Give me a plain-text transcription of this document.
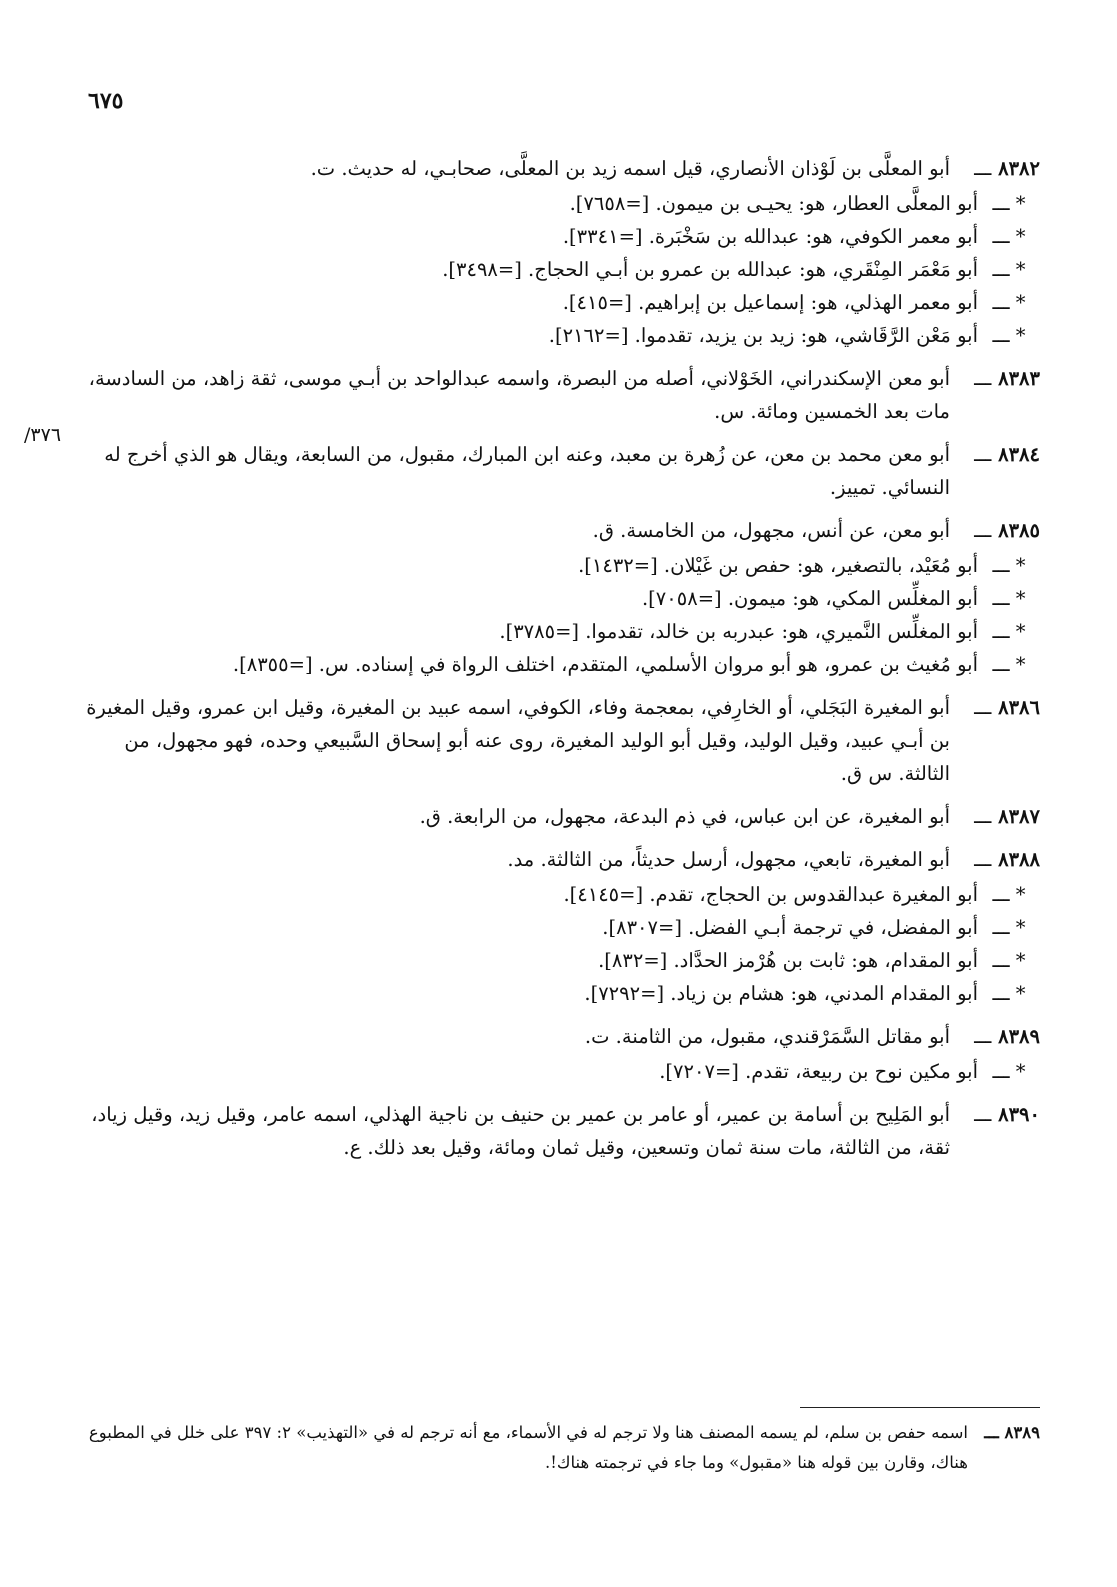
٦٧٥
٣٧٦/
٨٣٨٢ ـــ
أبو المعلَّى بن لَوْذان الأنصاري، قيل اسمه زيد بن المعلَّى، صحابـي، له حديث. ت.
* ـــ
أبو المعلَّى العطار، هو: يحيـى بن ميمون. [=٧٦٥٨].
* ـــ
أبو معمر الكوفي، هو: عبدالله بن سَخْبَرة. [=٣٣٤١].
* ـــ
أبو مَعْمَر المِنْقَري، هو: عبدالله بن عمرو بن أبـي الحجاج. [=٣٤٩٨].
* ـــ
أبو معمر الهذلي، هو: إسماعيل بن إبراهيم. [=٤١٥].
* ـــ
أبو مَعْن الرَّقَاشي، هو: زيد بن يزيد، تقدموا. [=٢١٦٢].
٨٣٨٣ ـــ
أبو معن الإسكندراني، الخَوْلاني، أصله من البصرة، واسمه عبدالواحد بن أبـي موسى، ثقة زاهد، من السادسة، مات بعد الخمسين ومائة. س.
٨٣٨٤ ـــ
أبو معن محمد بن معن، عن زُهرة بن معبد، وعنه ابن المبارك، مقبول، من السابعة، ويقال هو الذي أخرج له النسائي. تمييز.
٨٣٨٥ ـــ
أبو معن، عن أنس، مجهول، من الخامسة. ق.
* ـــ
أبو مُعَيْد، بالتصغير، هو: حفص بن غَيْلان. [=١٤٣٢].
* ـــ
أبو المغلِّس المكي، هو: ميمون. [=٧٠٥٨].
* ـــ
أبو المغلِّس النَّميري، هو: عبدربه بن خالد، تقدموا. [=٣٧٨٥].
* ـــ
أبو مُغيث بن عمرو، هو أبو مروان الأسلمي، المتقدم، اختلف الرواة في إسناده. س. [=٨٣٥٥].
٨٣٨٦ ـــ
أبو المغيرة البَجَلي، أو الخارِفي، بمعجمة وفاء، الكوفي، اسمه عبيد بن المغيرة، وقيل ابن عمرو، وقيل المغيرة بن أبـي عبيد، وقيل الوليد، وقيل أبو الوليد المغيرة، روى عنه أبو إسحاق السَّبيعي وحده، فهو مجهول، من الثالثة. س ق.
٨٣٨٧ ـــ
أبو المغيرة، عن ابن عباس، في ذم البدعة، مجهول، من الرابعة. ق.
٨٣٨٨ ـــ
أبو المغيرة، تابعي، مجهول، أرسل حديثاً، من الثالثة. مد.
* ـــ
أبو المغيرة عبدالقدوس بن الحجاج، تقدم. [=٤١٤٥].
* ـــ
أبو المفضل، في ترجمة أبـي الفضل. [=٨٣٠٧].
* ـــ
أبو المقدام، هو: ثابت بن هُرْمز الحدَّاد. [=٨٣٢].
* ـــ
أبو المقدام المدني، هو: هشام بن زياد. [=٧٢٩٢].
٨٣٨٩ ـــ
أبو مقاتل السَّمَرْقندي، مقبول، من الثامنة. ت.
* ـــ
أبو مكين نوح بن ربيعة، تقدم. [=٧٢٠٧].
٨٣٩٠ ـــ
أبو المَلِيح بن أسامة بن عمير، أو عامر بن عمير بن حنيف بن ناجية الهذلي، اسمه عامر، وقيل زيد، وقيل زياد، ثقة، من الثالثة، مات سنة ثمان وتسعين، وقيل ثمان ومائة، وقيل بعد ذلك. ع.
٨٣٨٩ ـــ
اسمه حفص بن سلم، لم يسمه المصنف هنا ولا ترجم له في الأسماء، مع أنه ترجم له في «التهذيب» ٢: ٣٩٧ على خلل في المطبوع هناك، وقارن بين قوله هنا «مقبول» وما جاء في ترجمته هناك!.
